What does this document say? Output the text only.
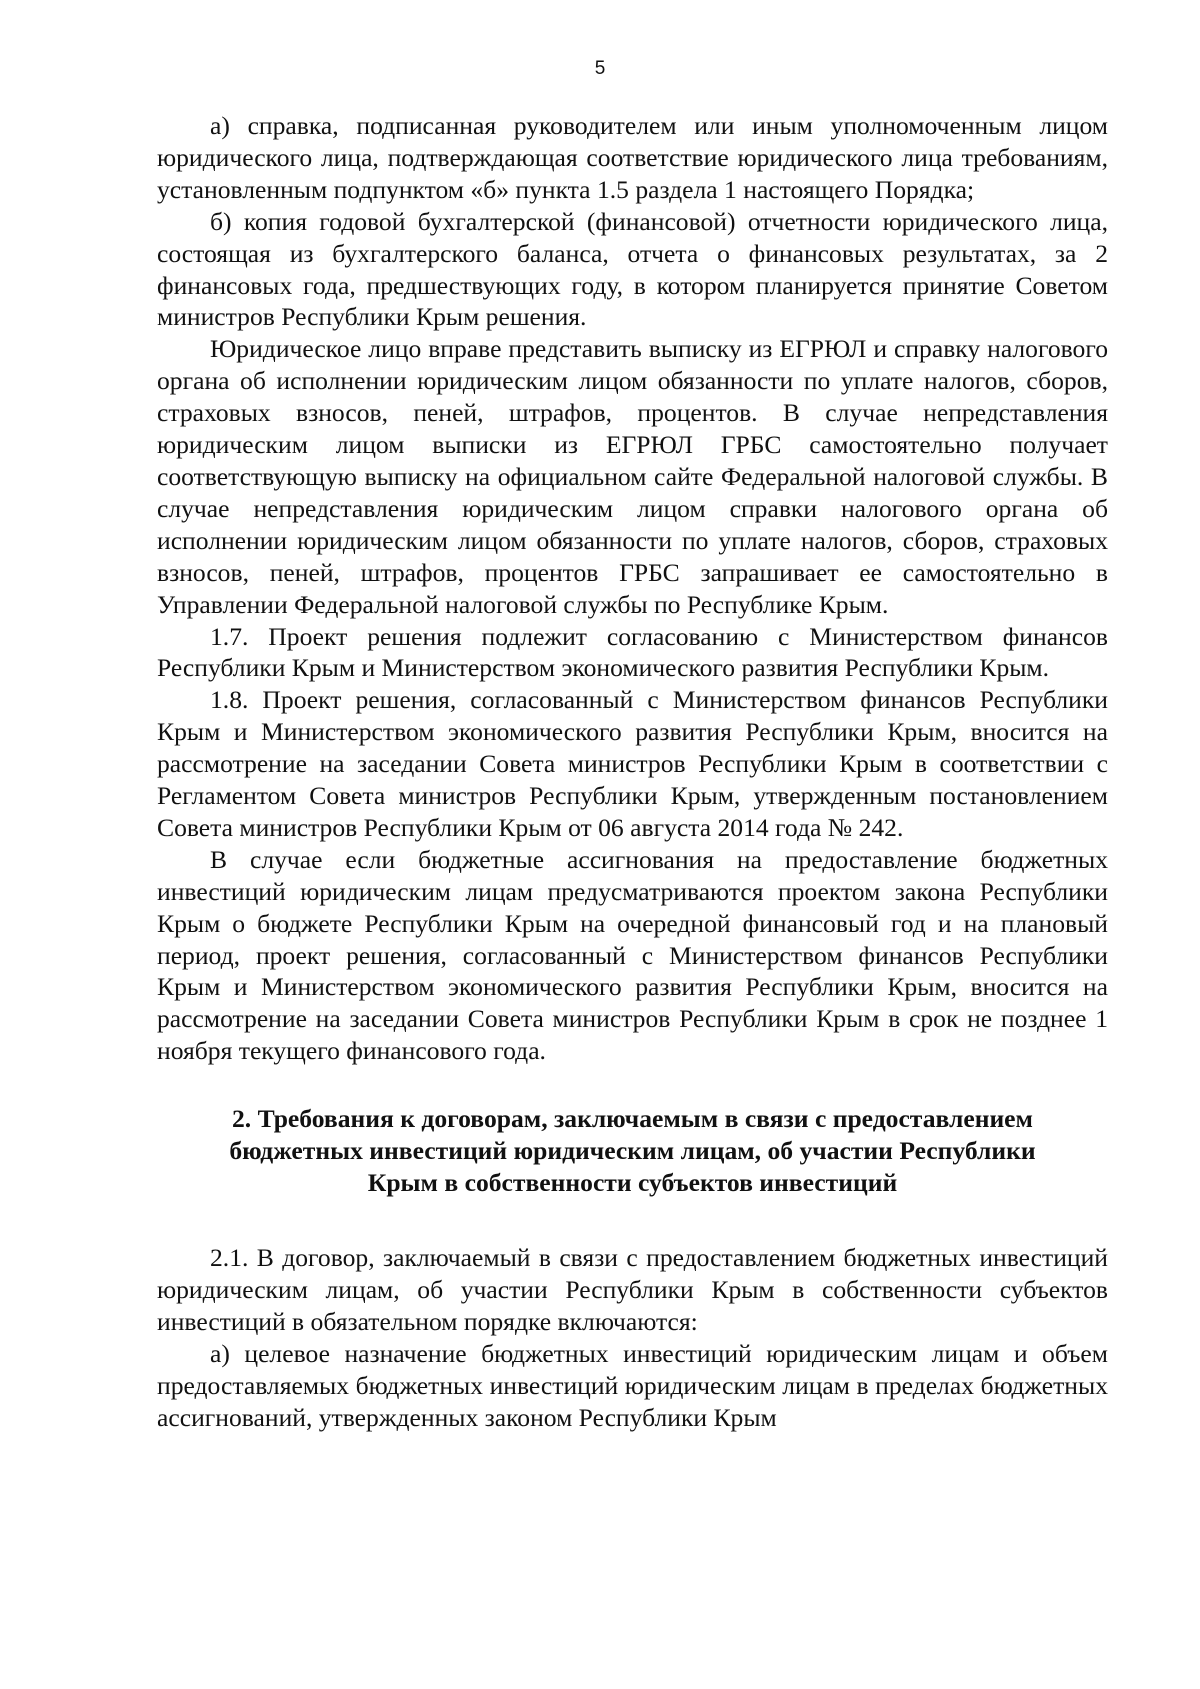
5

а) справка, подписанная руководителем или иным уполномоченным лицом юридического лица, подтверждающая соответствие юридического лица требованиям, установленным подпунктом «б» пункта 1.5 раздела 1 настоящего Порядка;

б) копия годовой бухгалтерской (финансовой) отчетности юридического лица, состоящая из бухгалтерского баланса, отчета о финансовых результатах, за 2 финансовых года, предшествующих году, в котором планируется принятие Советом министров Республики Крым решения.

Юридическое лицо вправе представить выписку из ЕГРЮЛ и справку налогового органа об исполнении юридическим лицом обязанности по уплате налогов, сборов, страховых взносов, пеней, штрафов, процентов. В случае непредставления юридическим лицом выписки из ЕГРЮЛ ГРБС самостоятельно получает соответствующую выписку на официальном сайте Федеральной налоговой службы. В случае непредставления юридическим лицом справки налогового органа об исполнении юридическим лицом обязанности по уплате налогов, сборов, страховых взносов, пеней, штрафов, процентов ГРБС запрашивает ее самостоятельно в Управлении Федеральной налоговой службы по Республике Крым.

1.7. Проект решения подлежит согласованию с Министерством финансов Республики Крым и Министерством экономического развития Республики Крым.

1.8. Проект решения, согласованный с Министерством финансов Республики Крым и Министерством экономического развития Республики Крым, вносится на рассмотрение на заседании Совета министров Республики Крым в соответствии с Регламентом Совета министров Республики Крым, утвержденным постановлением Совета министров Республики Крым от 06 августа 2014 года № 242.

В случае если бюджетные ассигнования на предоставление бюджетных инвестиций юридическим лицам предусматриваются проектом закона Республики Крым о бюджете Республики Крым на очередной финансовый год и на плановый период, проект решения, согласованный с Министерством финансов Республики Крым и Министерством экономического развития Республики Крым, вносится на рассмотрение на заседании Совета министров Республики Крым в срок не позднее 1 ноября текущего финансового года.

2. Требования к договорам, заключаемым в связи с предоставлением
бюджетных инвестиций юридическим лицам, об участии Республики
Крым в собственности субъектов инвестиций

2.1. В договор, заключаемый в связи с предоставлением бюджетных инвестиций юридическим лицам, об участии Республики Крым в собственности субъектов инвестиций в обязательном порядке включаются:

а) целевое назначение бюджетных инвестиций юридическим лицам и объем предоставляемых бюджетных инвестиций юридическим лицам в пределах бюджетных ассигнований, утвержденных законом Республики Крым
